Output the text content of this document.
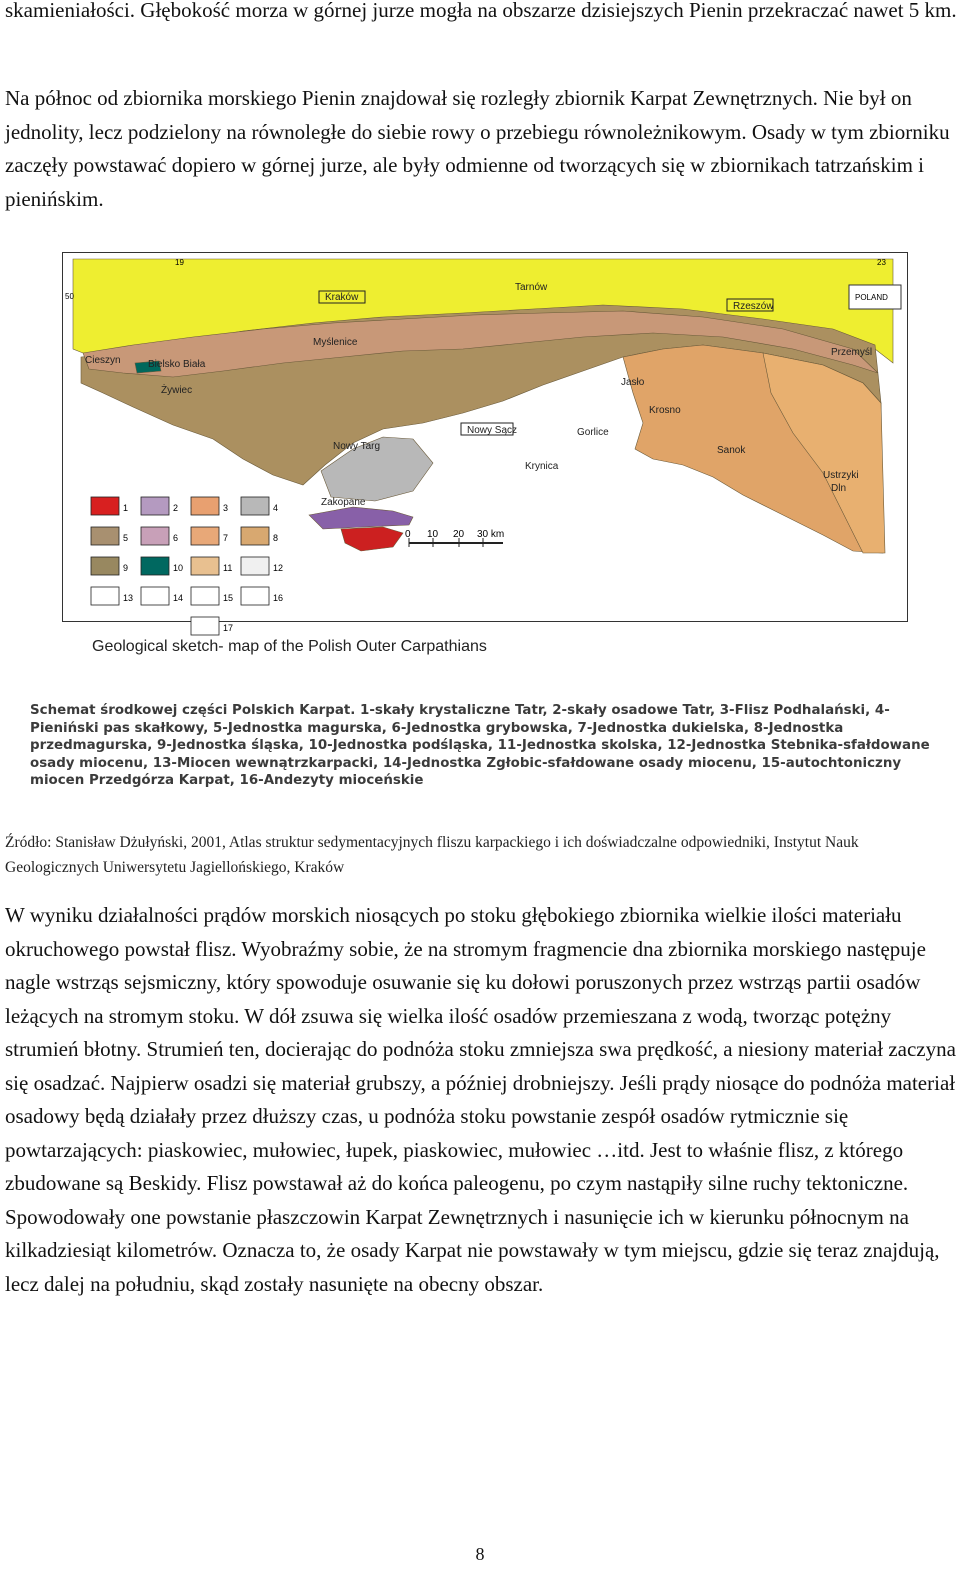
skamieniałości. Głębokość morza w górnej jurze mogła na obszarze dzisiejszych Pienin przekraczać nawet 5 km.

Na północ od zbiornika morskiego Pienin znajdował się rozległy zbiornik Karpat Zewnętrznych. Nie był on jednolity, lecz podzielony na równoległe do siebie rowy o przebiegu równoleżnikowym. Osady w tym zbiorniku zaczęły powstawać dopiero w górnej jurze, ale były odmienne od tworzących się w zbiornikach tatrzańskim i pienińskim.

19	23
50	POLAND
Kraków
Tarnów
Rzeszów
Myślenice
Cieszyn	Bielsko Biała
Żywiec
Przemyśl
Jasło
Krosno
Nowy Targ
Nowy Sącz	Gorlice
Krynica
Sanok
Zakopane
Ustrzyki
Dln
0 10 20 30 km
1	2	3	4
5	6	7	8
9	10	11	12
13	14	15	16
17
Geological sketch- map of the Polish Outer Carpathians

Schemat środkowej części Polskich Karpat. 1-skały krystaliczne Tatr, 2-skały osadowe Tatr, 3-Flisz Podhalański, 4-Pieniński pas skałkowy, 5-Jednostka magurska, 6-Jednostka grybowska, 7-Jednostka dukielska, 8-Jednostka przedmagurska, 9-Jednostka śląska, 10-Jednostka podśląska, 11-Jednostka skolska, 12-Jednostka Stebnika-sfałdowane osady miocenu, 13-Miocen wewnątrzkarpacki, 14-Jednostka Zgłobic-sfałdowane osady miocenu, 15-autochtoniczny miocen Przedgórza Karpat, 16-Andezyty mioceńskie

Źródło: Stanisław Dżułyński, 2001, Atlas struktur sedymentacyjnych fliszu karpackiego i ich doświadczalne odpowiedniki, Instytut Nauk Geologicznych Uniwersytetu Jagiellońskiego, Kraków

W wyniku działalności prądów morskich niosących po stoku głębokiego zbiornika wielkie ilości materiału okruchowego powstał flisz. Wyobraźmy sobie, że na stromym fragmencie dna zbiornika morskiego następuje nagle wstrząs sejsmiczny, który spowoduje osuwanie się ku dołowi poruszonych przez wstrząs partii osadów leżących na stromym stoku. W dół zsuwa się wielka ilość osadów przemieszana z wodą, tworząc potężny strumień błotny. Strumień ten, docierając do podnóża stoku zmniejsza swa prędkość, a niesiony materiał zaczyna się osadzać. Najpierw osadzi się materiał grubszy, a później drobniejszy. Jeśli prądy niosące do podnóża materiał osadowy będą działały przez dłuższy czas, u podnóża stoku powstanie zespół osadów rytmicznie się powtarzających: piaskowiec, mułowiec, łupek, piaskowiec, mułowiec …itd. Jest to właśnie flisz, z którego zbudowane są Beskidy. Flisz powstawał aż do końca paleogenu, po czym nastąpiły silne ruchy tektoniczne. Spowodowały one powstanie płaszczowin Karpat Zewnętrznych i nasunięcie ich w kierunku północnym na kilkadziesiąt kilometrów. Oznacza to, że osady Karpat nie powstawały w tym miejscu, gdzie się teraz znajdują, lecz dalej na południu, skąd zostały nasunięte na obecny obszar.

8
